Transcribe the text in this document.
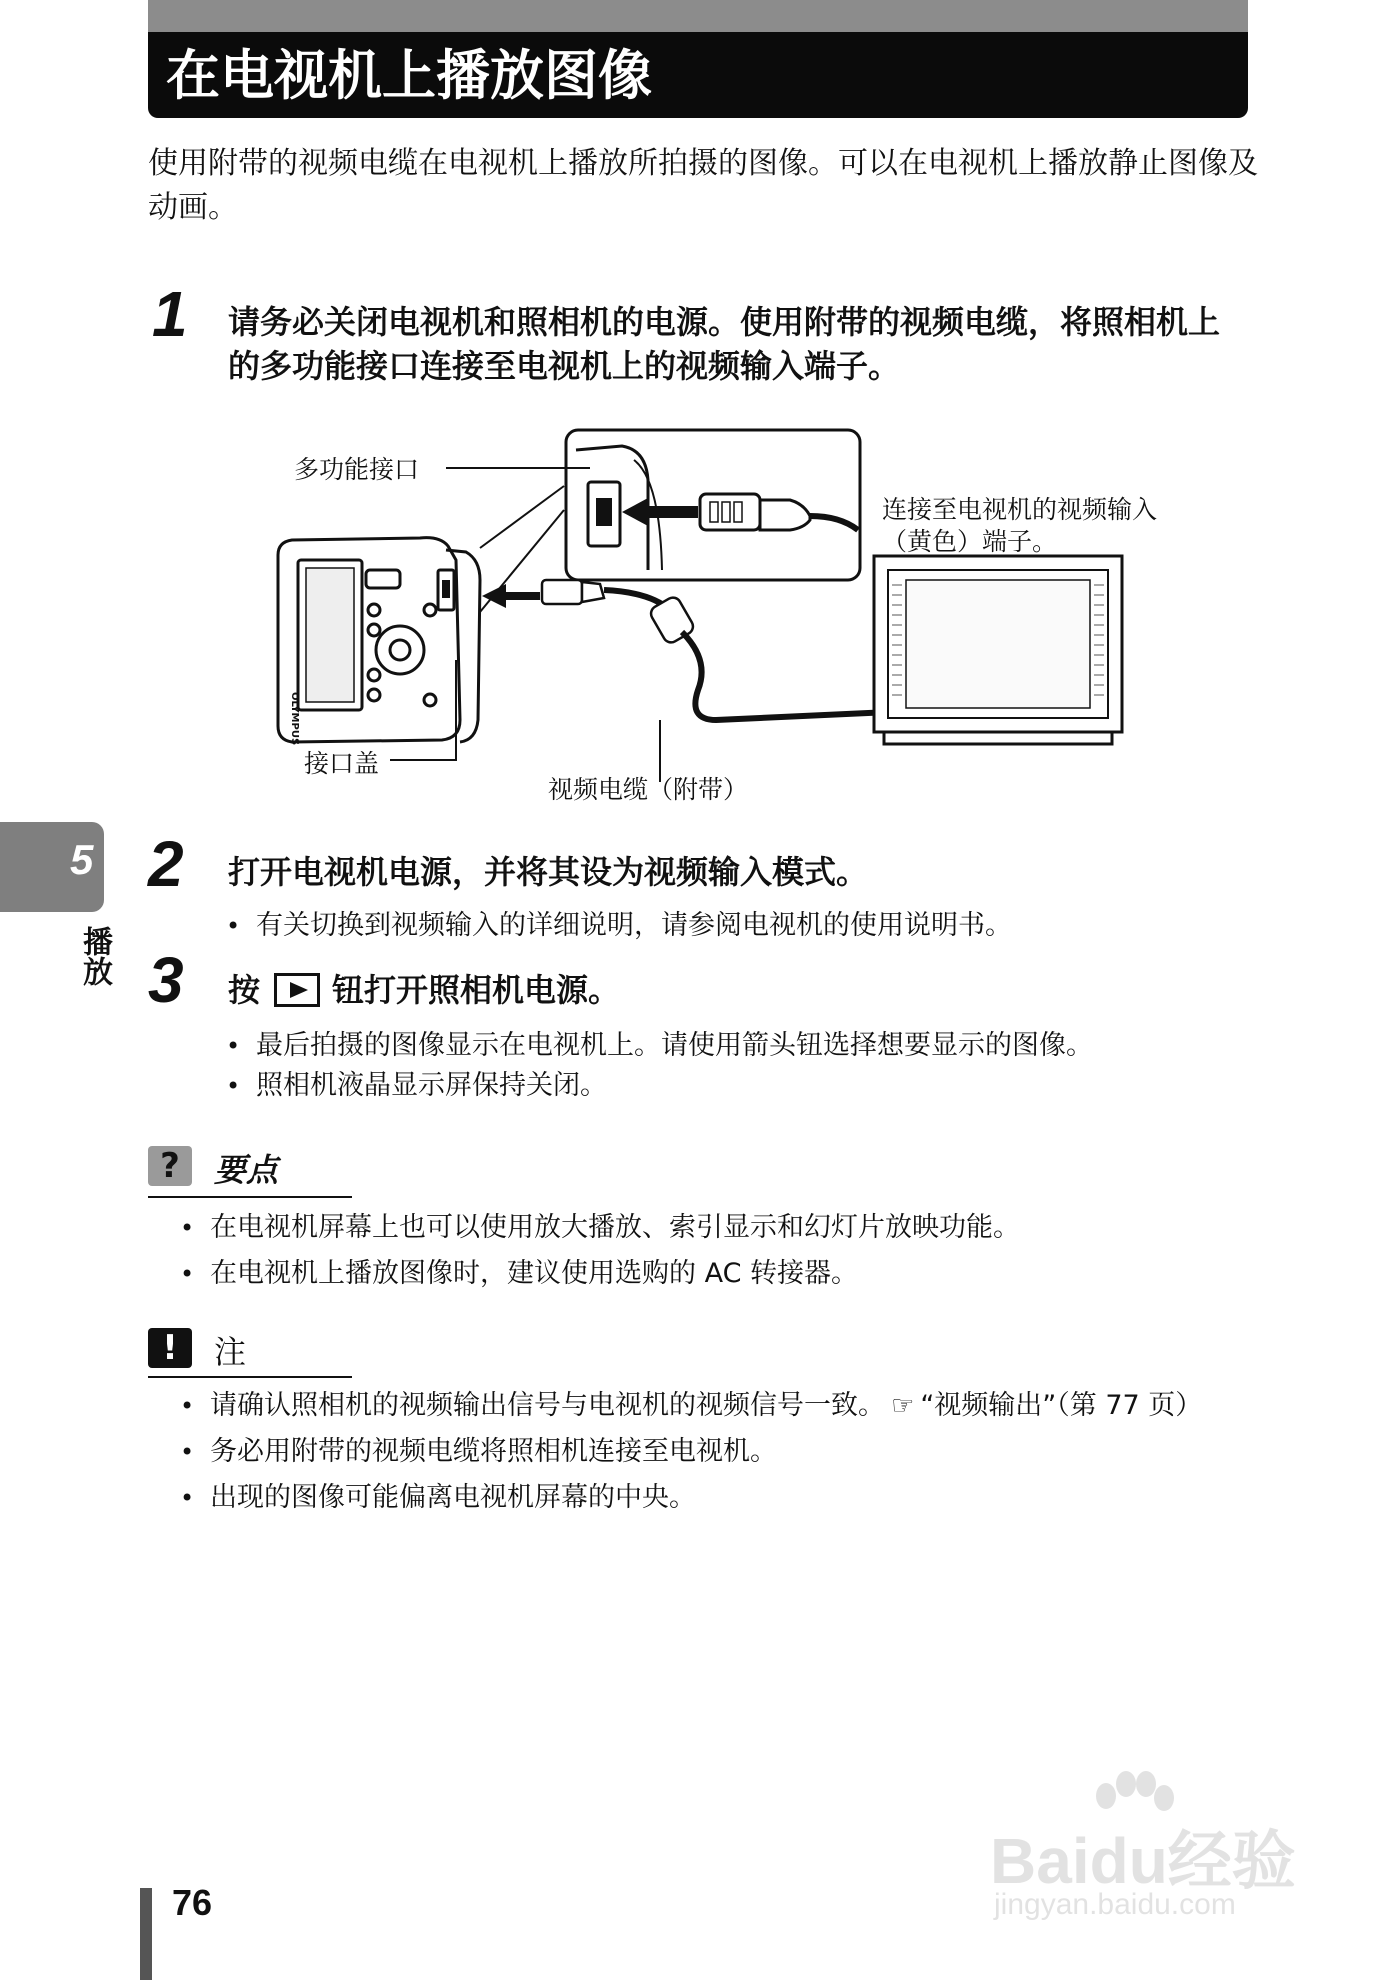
在电视机上播放图像
使用附带的视频电缆在电视机上播放所拍摄的图像。可以在电视机上播放静止图像及动画。
1 请务必关闭电视机和照相机的电源。使用附带的视频电缆，将照相机上的多功能接口连接至电视机上的视频输入端子。
多功能接口
接口盖
视频电缆（附带）
连接至电视机的视频输入
（黄色）端子。
OLYMPUS
5
播放
2 打开电视机电源，并将其设为视频输入模式。
• 有关切换到视频输入的详细说明，请参阅电视机的使用说明书。
3 按 钮打开照相机电源。
• 最后拍摄的图像显示在电视机上。请使用箭头钮选择想要显示的图像。
• 照相机液晶显示屏保持关闭。
?	要点
• 在电视机屏幕上也可以使用放大播放、索引显示和幻灯片放映功能。
• 在电视机上播放图像时，建议使用选购的 AC 转接器。
!	注
• 请确认照相机的视频输出信号与电视机的视频信号一致。 ☞ “视频输出”（第 77 页）
• 务必用附带的视频电缆将照相机连接至电视机。
• 出现的图像可能偏离电视机屏幕的中央。
76
Baidu经验
jingyan.baidu.com
